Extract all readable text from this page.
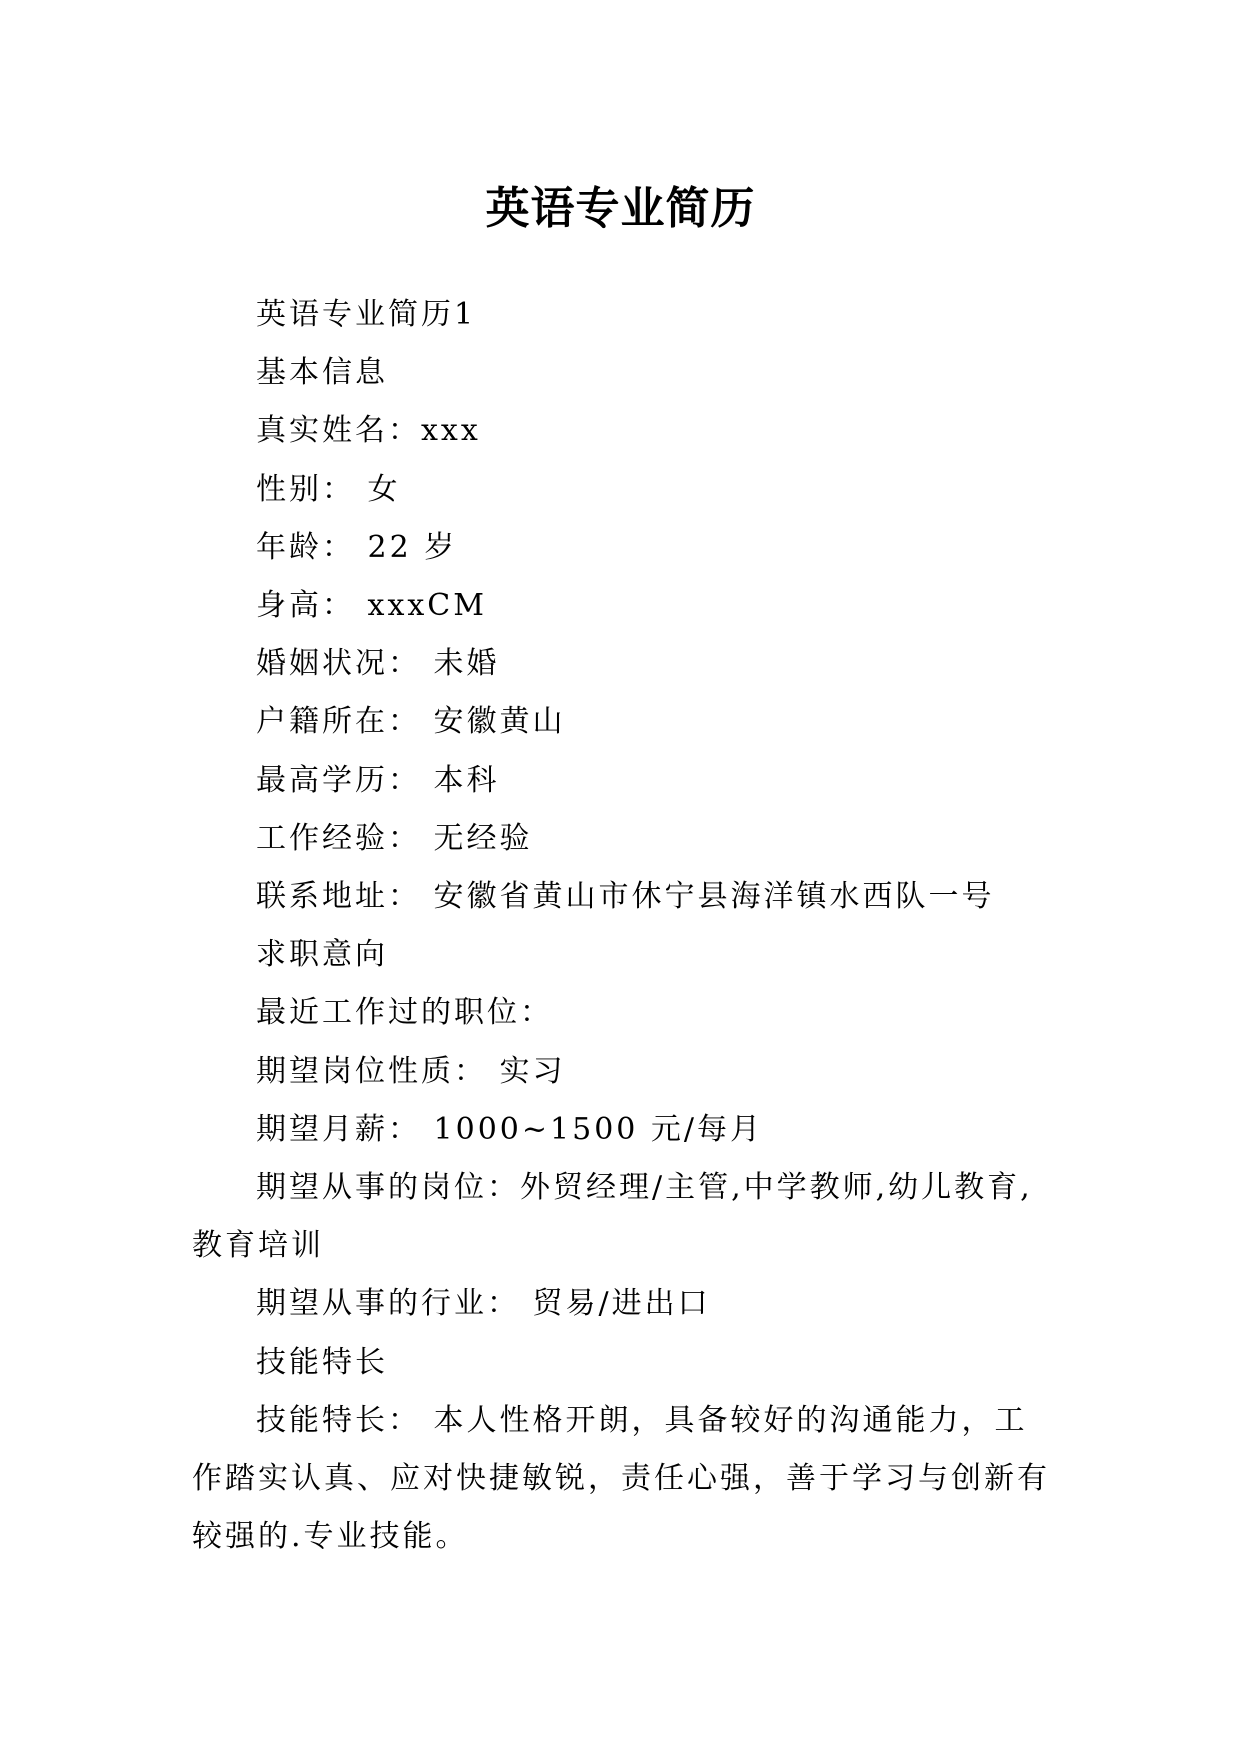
英语专业简历

英语专业简历1

基本信息

真实姓名：xxx

性别： 女

年龄： 22 岁

身高： xxxCM

婚姻状况： 未婚

户籍所在： 安徽黄山

最高学历： 本科

工作经验： 无经验

联系地址： 安徽省黄山市休宁县海洋镇水西队一号

求职意向

最近工作过的职位：

期望岗位性质： 实习

期望月薪： 1000~1500 元/每月

期望从事的岗位：外贸经理/主管,中学教师,幼儿教育,教育培训

期望从事的行业： 贸易/进出口

技能特长

技能特长： 本人性格开朗，具备较好的沟通能力，工作踏实认真、应对快捷敏锐，责任心强，善于学习与创新有较强的.专业技能。
